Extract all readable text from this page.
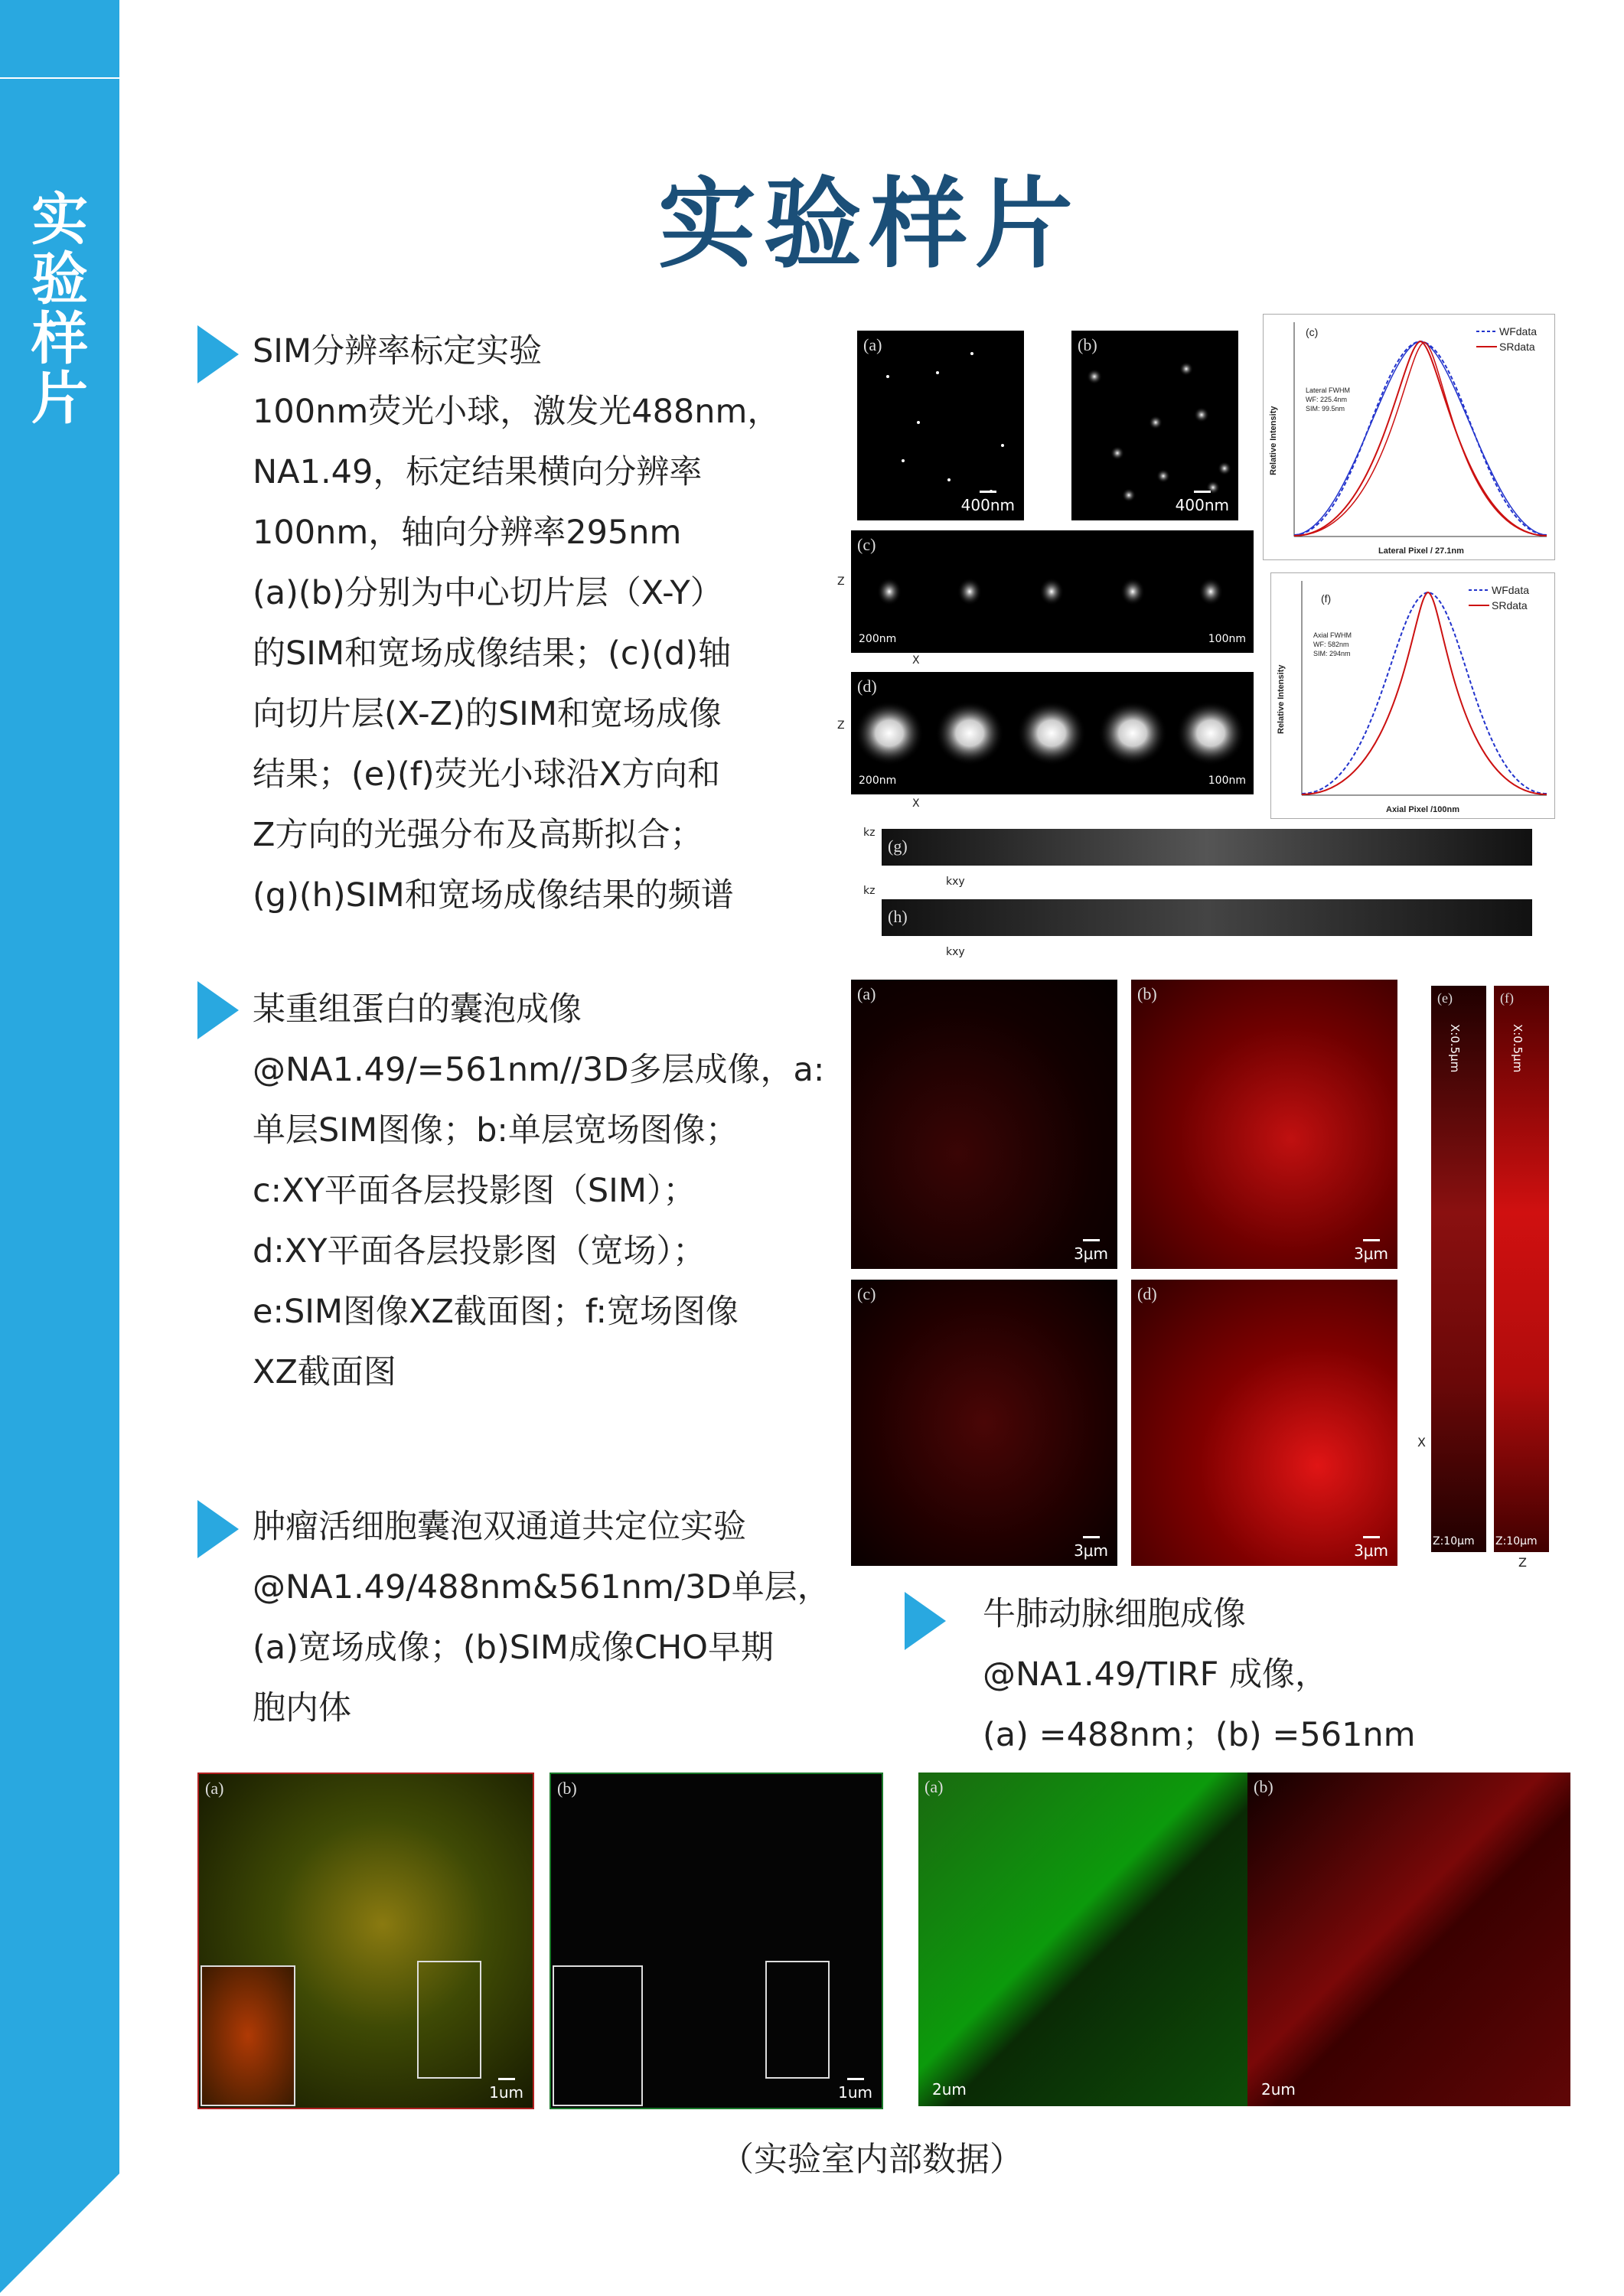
实
验
样
片
实验样片
SIM分辨率标定实验
100nm荧光小球，激发光488nm，
NA1.49，标定结果横向分辨率
100nm，轴向分辨率295nm
(a)(b)分别为中心切片层（X-Y）
的SIM和宽场成像结果；(c)(d)轴
向切片层(X-Z)的SIM和宽场成像
结果；(e)(f)荧光小球沿X方向和
Z方向的光强分布及高斯拟合；
(g)(h)SIM和宽场成像结果的频谱
(a)
400nm
(b)
400nm
(c)	WFdata
SRdata
Lateral FWHM
WF: 225.4nm
SIM: 99.5nm
Lateral Pixel / 27.1nm
Relative Intensity
(c)
200nm	100nm
Z
X
(d)
200nm	100nm
Z
X
(f)
WFdata
SRdata
Axial FWHM
WF: 582nm
SIM: 294nm
Axial Pixel /100nm
Relative Intensity
(g)
kz
kxy
(h)
kz
kxy
某重组蛋白的囊泡成像
@NA1.49/=561nm//3D多层成像，a:
单层SIM图像；b:单层宽场图像；
c:XY平面各层投影图（SIM）；
d:XY平面各层投影图（宽场）；
e:SIM图像XZ截面图；f:宽场图像
XZ截面图
(a)
3μm
(b)
3μm
(c)
3μm
(d)
3μm
(e)
X:0.5μm
Z:10μm
(f)
X:0.5μm
Z:10μm
X
Z
肿瘤活细胞囊泡双通道共定位实验
@NA1.49/488nm&561nm/3D单层，
(a)宽场成像；(b)SIM成像CHO早期
胞内体
牛肺动脉细胞成像
@NA1.49/TIRF 成像，
(a) =488nm；(b) =561nm
(a)
1um
(b)
1um
(a)
2um
(b)
2um
（实验室内部数据）
